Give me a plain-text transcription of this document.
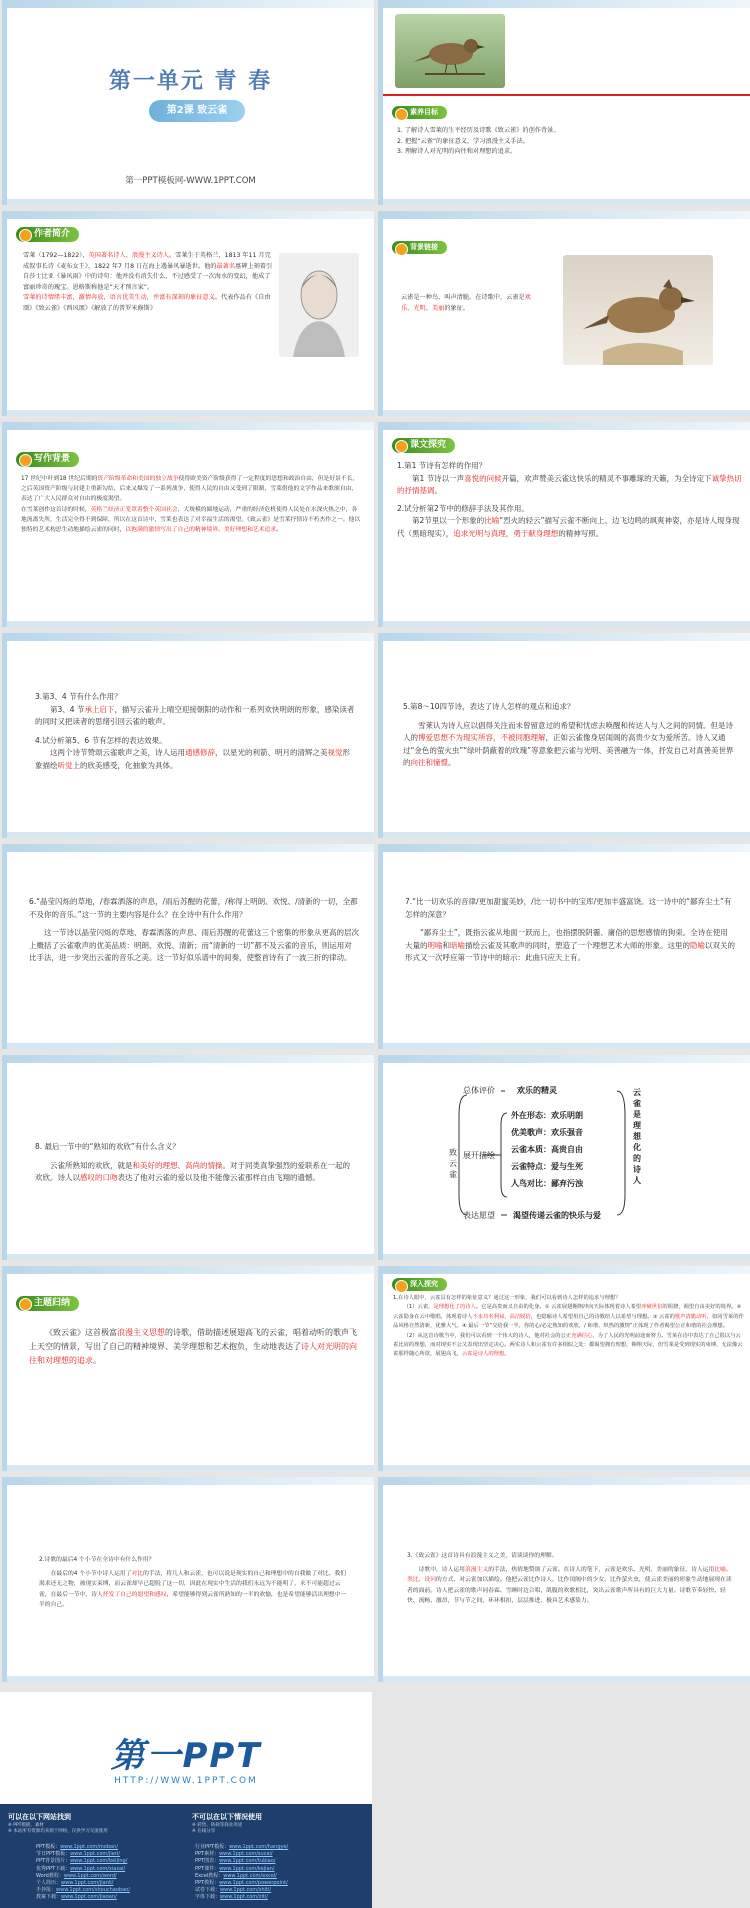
第一单元 青 春
第2课 致云雀
第一PPT模板网-WWW.1PPT.COM
素养目标

1. 了解诗人雪莱的生平经历及诗歌《致云雀》的创作背景。

2. 把握“云雀”的象征意义，学习浪漫主义手法。

3. 理解诗人对光明的向往和对理想的追求。

作者简介

雪莱（1792—1822），英国著名诗人、浪漫主义诗人。雪莱生于英格兰，1813 年11 月完成叙事长诗《麦布女王》，1822 年7 月8 日在海上遇暴风暴逝世。他的最著名墓碑上刻着引自莎士比亚《暴风雨》中的诗句：他并没有消失什么，不过感受了一次海水的变幻，他成了富丽珍奇的瑰宝。恩格斯称他是“天才预言家”。

雪莱的诗情绪丰富，激情奔放，语言优美生动，并富有深刻的象征意义。代表作品有《自由颂》《致云雀》《西风颂》《解放了的普罗米修斯》

背景链接
云雀是一种鸟，叫声清脆。在诗歌中，云雀是欢乐、光明、美丽的象征。
写作背景

17 世纪中叶到18 世纪后期的资产阶级革命和美国的独立战争使得欧美资产阶级获得了一定程度的思想和政治自由，但是好景不长，之后英国资产阶级与封建主重新勾结，后来又爆发了一系列战争，使得人民的自由又受到了限制，雪莱借他的文学作品来歌颂自由，表达了广大人民群众对自由的极度渴望。

在雪莱创作这首诗的时候，英格兰经济正笼罩着整个英国社会，大规模的圈地运动，严重的经济危机使得人民处在水深火热之中，各地流离失所，生活完全得不到保障，所以在这首诗中，雪莱也表达了对幸福生活的渴望。《致云雀》是雪莱抒情诗不朽杰作之一。他以独特的艺术构思生动地描绘云雀的同时，以饱满的激情写出了自己的精神境界、美好理想和艺术追求。

课文探究

1.第1 节诗有怎样的作用？

第1 节诗以一声喜悦的问候开篇，欢声赞美云雀这快乐的精灵不事雕琢的天籁，为全诗定下诚挚热切的抒情基调。

2.试分析第2节中的修辞手法及其作用。

第2节里以一个形象的比喻“烈火的轻云”描写云雀不断向上、边飞边鸣的飒爽神姿，亦是诗人现身现代（黑暗现实），追求光明与真理，勇于献身理想的精神写照。

3.第3、4 节有什么作用？

第3、4 节承上启下，描写云雀升上晴空迎接朝阳的动作和一系列欢快明朗的形象，感染读者的同时又把读者的思绪引回云雀的歌声。

4.试分析第5、6 节有怎样的表达效果。

这两个诗节赞颂云雀歌声之美，诗人运用通感修辞，以星光的利箭、明月的清辉之美视觉形象描绘听觉上的欣美感受，化抽象为具体。

5.第8～10四节诗，表达了诗人怎样的观点和追求？

雪莱认为诗人应以倡得关注而未曾留意过的希望和忧虑去唤醒和传达人与人之间的同情。但是诗人的博爱思想不为现实所容，不被同胞理解，正如云雀像身居闺阁的高贵少女为爱所苦。诗人又通过“金色的萤火虫”“绿叶荫蔽着的玫瑰”等意象把云雀与光明、美善融为一体，抒发自己对真善美世界的向往和憧憬。

6.“晶莹闪烁的草地，/春霖洒落的声息，/雨后苏醒的花蕾，/称得上明朗、欢悦、/清新的一切，全都不及你的音乐。”这一节的主要内容是什么？在全诗中有什么作用？

这一节诗以晶莹闪烁的草地、春霖洒落的声息、雨后苏醒的花蕾这三个密集的形象从更高的层次上概括了云雀歌声的优美品质：明朗、欢悦、清新；而“清新的一切”都不及云雀的音乐，则运用对比手法，进一步突出云雀的音乐之美。这一节好似乐谱中的间奏，使整首诗有了一波三折的律动。

7.“比一切欢乐的音律/更加甜蜜美妙，/比一切书中的宝库/更加丰盛富饶。这一诗中的“鄙弃尘土”有怎样的深意？

“鄙弃尘土”，既指云雀从地面一跃而上，也指摆脱阴霾、庸俗的思想感情的狗束。全诗在使用大量的明喻和暗喻描绘云雀及其歌声的同时，塑造了一个理想艺术大师的形象。这里的隐喻以双关的形式又一次呼应第一节诗中的暗示：此曲只应天上有。

8. 最后一节中的“熟知的欢欣”有什么含义？

云雀所熟知的欢欣，就是和美好的理想、高尚的情操。对于同类真挚强烈的爱联系在一起的欢欣。诗人以感叹的口吻表达了他对云雀的爱以及他不能像云雀那样自由飞翔的遗憾。

致云雀
总体评价	欢乐的精灵
展开描绘
外在形态：欢乐明朗
优美歌声：欢乐强音
云雀本质：高贵自由
云雀特点：爱与生死
人鸟对比：鄙弃污浊
表达愿望 渴望传递云雀的快乐与爱
云雀是理想化的诗人
主题归纳
《致云雀》这首极富浪漫主义思想的诗歌，借助描述展翅高飞的云雀，唱着动听的歌声飞上天空的情景，写出了自己的精神境界、美学理想和艺术抱负，生动地表达了诗人对光明的向往和对理想的追求。
深入探究

1.在诗人眼中，云雀具有怎样的象征意义？通过这一形象，我们可以看到诗人怎样的追求与理想？

（1）云雀，是理想化了的诗人。它是高贵而又自由的化身。① 云雀展翅翱翔冲向天际体现着诗人希望冲破世俗的阻挠，渴望自由美好的境界。② 云雀隐身在云中歌唱，体现着诗人不求功名利禄，高洁脱俗，也隐喻诗人希望用自己的诗歌给人以希望与理想。③ 云雀的歌声清脆动听，如同雪莱的作品风格自然清新，优雅大气。④ 最后一节“交给我一半，你的心/必定熟知的欢欣，/ 和谐、炽热的激情”正体现了作者渴望公正和谐的社会理想。

（2）从这首诗歌当中，我们可以看到一个伟大的诗人，他对社会的公正充满信心，为了人民的光明前途而努力。雪莱在诗中表达了自己很以与云雀比肩的理想，而对现实不公又表现出坚定决心。两实诗人和云雀有许多相似之处：都渴望拥有理想，翱翔天际，但雪莱是受到现实的束缚，无法像云雀那样随心所欲，展翅高飞，云雀是诗人的理想。

2.诗歌的最后4 个小节在全诗中有什么作用？

在最后的4 个小节中诗人运用了对比的手法，将几人和云雀，也可以说是现实的自己和理想中的自我做了对比。我们渴求还无之物，被现实束缚，而云雀却早已超脱了这一切，因此在现实中生活的我们永远为不能明了，永不可能超过云雀，在最后一节中，诗人抒发了自己的愿望和感叹，希望能够得到云雀所熟知的一半的欢愉，也是希望能够活出理想中一半的自己。

3.《致云雀》这首诗具有浪漫主义之美，请谈谈你的理解。

诗歌中，诗人运用浪漫主义的手法，热情地赞颂了云雀。在诗人的笔下，云雀是欢乐、光明、美丽的象征。诗人运用比喻、类比、设问的方式，对云雀加以描绘。他把云雀比作诗人，比作闺阁中的少女，比作萤火虫，使云雀美丽的形象生动地展现在读者的面前。诗人把云雀的歌声同春霖、雪睡时边合唱，肌腹的欢歌相比，突出云雀歌声所具有的巨大力量。诗歌节奏轻快、轻快、流畅、激昂，节与节之间，环环相扣，层层推进，极具艺术感染力。

第一PPT
HTTP://WWW.1PPT.COM
可以在以下网站找到	不可以在以下情况使用
※ PPT模板、素材
※ 本站所有资源均来源于网络，仅供学习交流使用
※ 转售、转载等商业用途
※ 在线分享
PPT模板：www.1ppt.com/moban/
节日PPT模板：www.1ppt.com/jieri/
PPT背景图片：www.1ppt.com/beijing/
优秀PPT下载：www.1ppt.com/xiazai/
Word教程：www.1ppt.com/word/
个人简历：www.1ppt.com/jianli/
手抄报：www.1ppt.com/shouchaobao/
教案下载：www.1ppt.com/jiaoan/
行业PPT模板：www.1ppt.com/hangye/
PPT素材：www.1ppt.com/sucai/
PPT图表：www.1ppt.com/tubiao/
PPT课件：www.1ppt.com/kejian/
Excel教程：www.1ppt.com/excel/
PPT教程：www.1ppt.com/powerpoint/
试卷下载：www.1ppt.com/shiti/
字体下载：www.1ppt.com/ziti/
